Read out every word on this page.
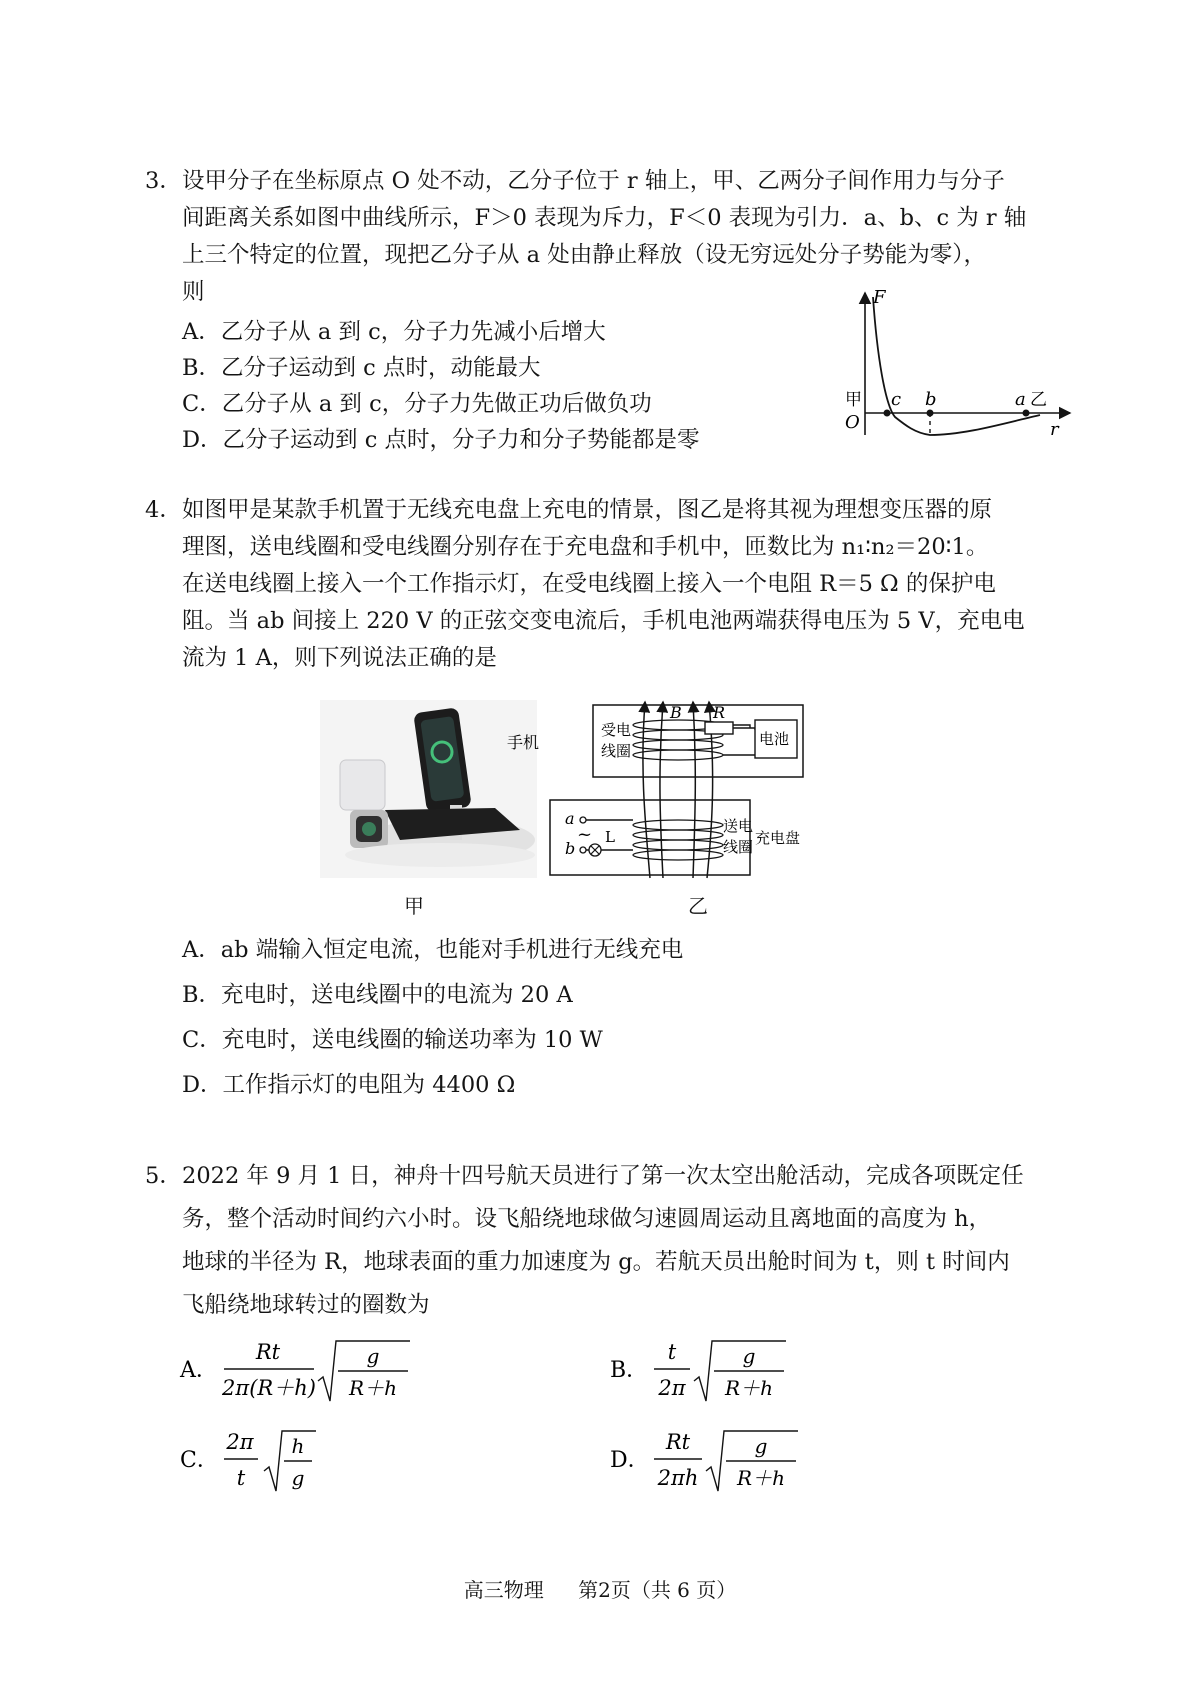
3． 设甲分子在坐标原点 O 处不动，乙分子位于 r 轴上，甲、乙两分子间作用力与分子

间距离关系如图中曲线所示，F＞0 表现为斥力，F＜0 表现为引力．a、b、c 为 r 轴

上三个特定的位置，现把乙分子从 a 处由静止释放（设无穷远处分子势能为零），

则

A．乙分子从 a 到 c，分子力先减小后增大
B．乙分子运动到 c 点时，动能最大
C．乙分子从 a 到 c，分子力先做正功后做负功
D．乙分子运动到 c 点时，分子力和分子势能都是零
F
甲
O
c b	a 乙
r
4． 如图甲是某款手机置于无线充电盘上充电的情景，图乙是将其视为理想变压器的原

理图，送电线圈和受电线圈分别存在于充电盘和手机中，匝数比为 n₁∶n₂＝20∶1。

在送电线圈上接入一个工作指示灯，在受电线圈上接入一个电阻 R＝5 Ω 的保护电

阻。当 ab 间接上 220 V 的正弦交变电流后，手机电池两端获得电压为 5 V，充电电

流为 1 A，则下列说法正确的是

手机
受电
线圈
B R
电池
a
b
~ L
送电
线圈 充电盘
甲	乙
A．ab 端输入恒定电流，也能对手机进行无线充电
B．充电时，送电线圈中的电流为 20 A
C．充电时，送电线圈的输送功率为 10 W
D．工作指示灯的电阻为 4400 Ω
5． 2022 年 9 月 1 日，神舟十四号航天员进行了第一次太空出舱活动，完成各项既定任

务，整个活动时间约六小时。设飞船绕地球做匀速圆周运动且离地面的高度为 h，

地球的半径为 R，地球表面的重力加速度为 g。若航天员出舱时间为 t，则 t 时间内

飞船绕地球转过的圈数为

A．
Rt
2π(R＋h)
g
R＋h
B．
t
2π
g
R＋h
C．
2π
t
h
g
D．
Rt
2πh
g
R＋h
高三物理 第2页（共 6 页）
